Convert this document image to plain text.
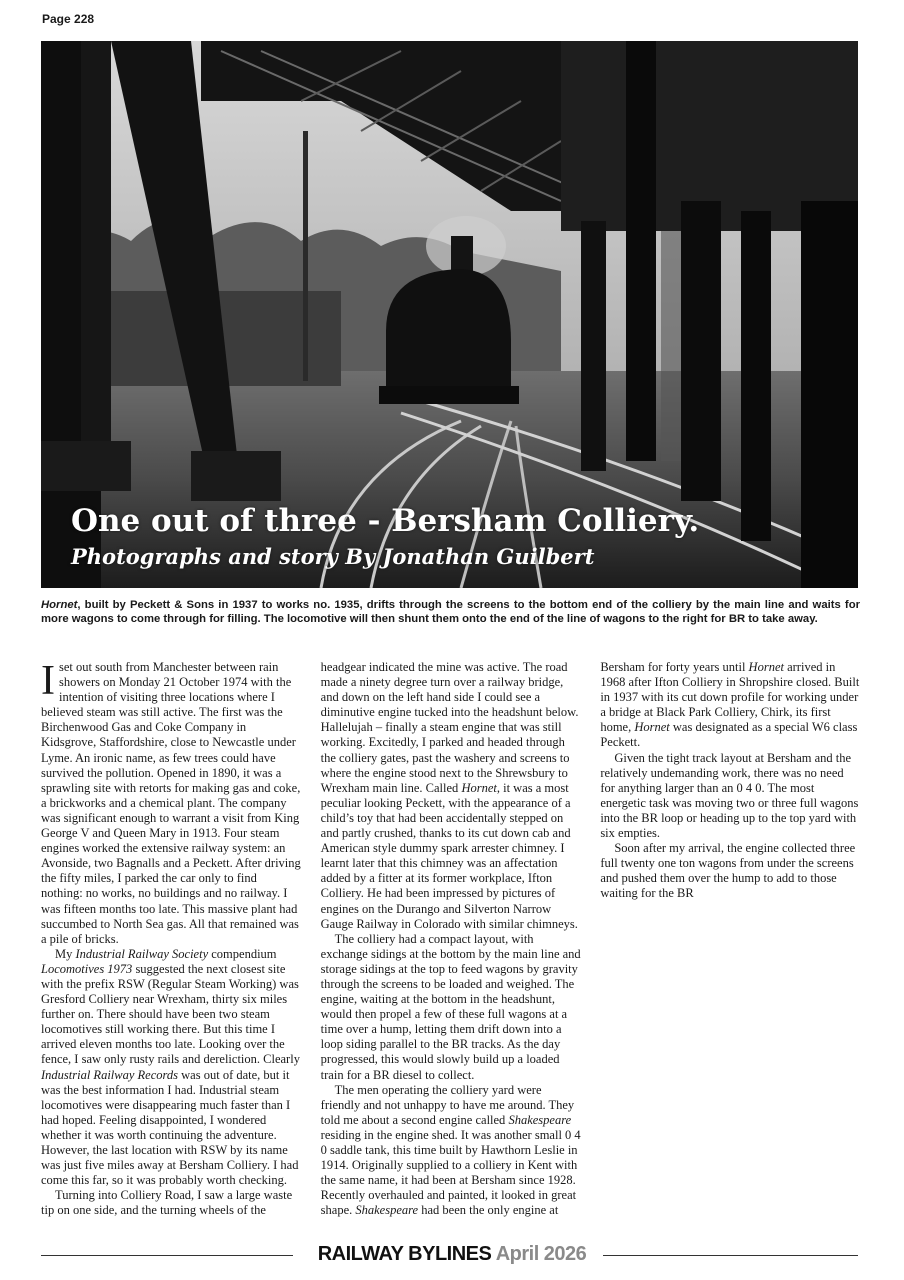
Page 228
One out of three - Bersham Colliery.
Photographs and story By Jonathan Guilbert
Hornet, built by Peckett & Sons in 1937 to works no. 1935, drifts through the screens to the bottom end of the colliery by the main line and waits for more wagons to come through for filling. The locomotive will then shunt them onto the end of the line of wagons to the right for BR to take away.

I set out south from Manchester between rain showers on Monday 21 October 1974 with the intention of visiting three locations where I believed steam was still active. The first was the Birchenwood Gas and Coke Company in Kidsgrove, Staffordshire, close to Newcastle under Lyme. An ironic name, as few trees could have survived the pollution. Opened in 1890, it was a sprawling site with retorts for making gas and coke, a brickworks and a chemical plant. The company was significant enough to warrant a visit from King George V and Queen Mary in 1913. Four steam engines worked the extensive railway system: an Avonside, two Bagnalls and a Peckett. After driving the fifty miles, I parked the car only to find nothing: no works, no buildings and no railway. I was fifteen months too late. This massive plant had succumbed to North Sea gas. All that remained was a pile of bricks.

My Industrial Railway Society compendium Locomotives 1973 suggested the next closest site with the prefix RSW (Regular Steam Working) was Gresford Colliery near Wrexham, thirty six miles further on. There should have been two steam locomotives still working there. But this time I arrived eleven months too late. Looking over the fence, I saw only rusty rails and dereliction. Clearly Industrial Railway Records was out of date, but it was the best information I had. Industrial steam locomotives were disappearing much faster than I had hoped. Feeling disappointed, I wondered whether it was worth continuing the adventure. However, the last location with RSW by its name was just five miles away at Bersham Colliery. I had come this far, so it was probably worth checking.

Turning into Colliery Road, I saw a large waste tip on one side, and the turning wheels of the headgear indicated the mine was active. The road made a ninety degree turn over a railway bridge, and down on the left hand side I could see a diminutive engine tucked into the headshunt below. Hallelujah – finally a steam engine that was still working. Excitedly, I parked and headed through the colliery gates, past the washery and screens to where the engine stood next to the Shrewsbury to Wrexham main line. Called Hornet, it was a most peculiar looking Peckett, with the appearance of a child’s toy that had been accidentally stepped on and partly crushed, thanks to its cut down cab and American style dummy spark arrester chimney. I learnt later that this chimney was an affectation added by a fitter at its former workplace, Ifton Colliery. He had been impressed by pictures of engines on the Durango and Silverton Narrow Gauge Railway in Colorado with similar chimneys.

The colliery had a compact layout, with exchange sidings at the bottom by the main line and storage sidings at the top to feed wagons by gravity through the screens to be loaded and weighed. The engine, waiting at the bottom in the headshunt, would then propel a few of these full wagons at a time over a hump, letting them drift down into a loop siding parallel to the BR tracks. As the day progressed, this would slowly build up a loaded train for a BR diesel to collect.

The men operating the colliery yard were friendly and not unhappy to have me around. They told me about a second engine called Shakespeare residing in the engine shed. It was another small 0 4 0 saddle tank, this time built by Hawthorn Leslie in 1914. Originally supplied to a colliery in Kent with the same name, it had been at Bersham since 1928. Recently overhauled and painted, it looked in great shape. Shakespeare had been the only engine at Bersham for forty years until Hornet arrived in 1968 after Ifton Colliery in Shropshire closed. Built in 1937 with its cut down profile for working under a bridge at Black Park Colliery, Chirk, its first home, Hornet was designated as a special W6 class Peckett.

Given the tight track layout at Bersham and the relatively undemanding work, there was no need for anything larger than an 0 4 0. The most energetic task was moving two or three full wagons into the BR loop or heading up to the top yard with six empties.

Soon after my arrival, the engine collected three full twenty one ton wagons from under the screens and pushed them over the hump to add to those waiting for the BR

RAILWAY BYLINES April 2026
